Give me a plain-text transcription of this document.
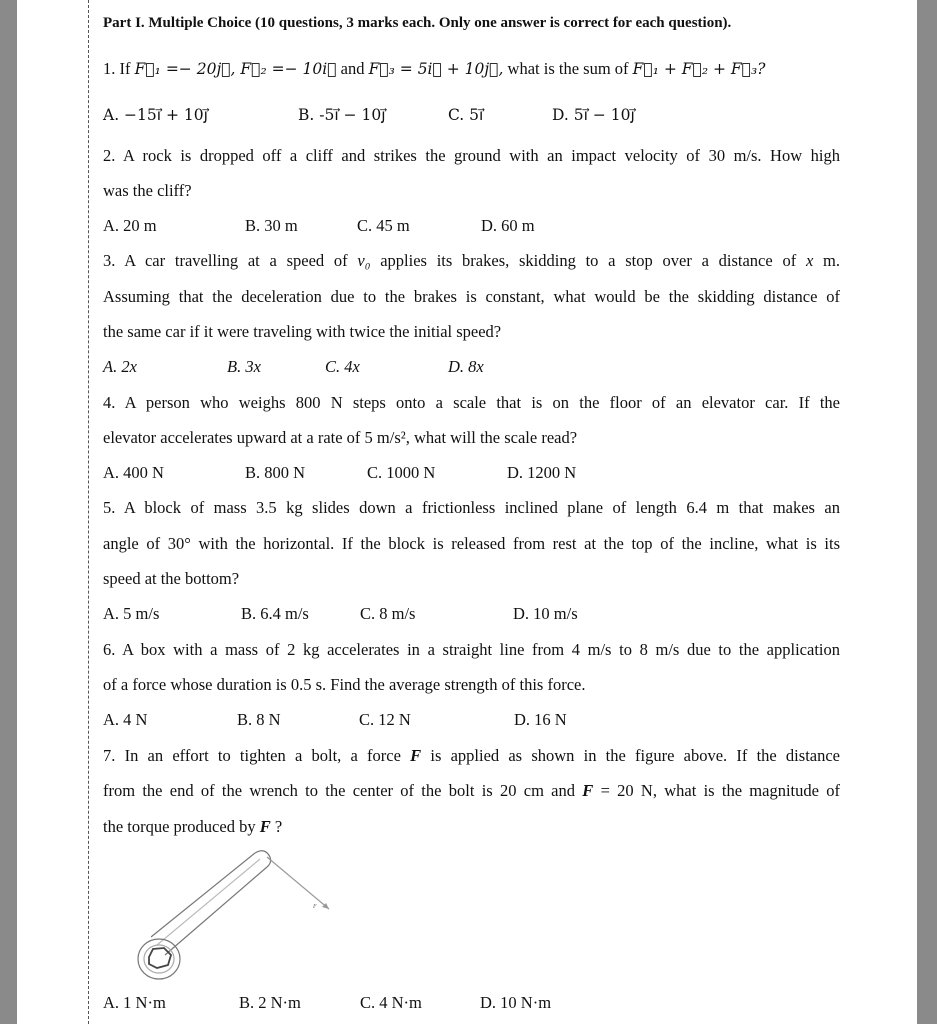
Part I. Multiple Choice (10 questions, 3 marks each. Only one answer is correct for each question).
1. If F⃗₁ =− 20j⃗, F⃗₂ =− 10i⃗ and F⃗₃ = 5i⃗ + 10j⃗, what is the sum of F⃗₁ + F⃗₂ + F⃗₃?
A. −15i⃗ + 10j⃗	B. -5i⃗ − 10j⃗	C. 5i⃗	D. 5i⃗ − 10j⃗
2. A rock is dropped off a cliff and strikes the ground with an impact velocity of 30 m/s. How high
was the cliff?
A. 20 m	B. 30 m	C. 45 m	D. 60 m
3. A car travelling at a speed of v₀ applies its brakes, skidding to a stop over a distance of x m.
Assuming that the deceleration due to the brakes is constant, what would be the skidding distance of
the same car if it were traveling with twice the initial speed?
A. 2x	B. 3x	C. 4x	D. 8x
4. A person who weighs 800 N steps onto a scale that is on the floor of an elevator car. If the
elevator accelerates upward at a rate of 5 m/s², what will the scale read?
A. 400 N	B. 800 N	C. 1000 N	D. 1200 N
5. A block of mass 3.5 kg slides down a frictionless inclined plane of length 6.4 m that makes an
angle of 30° with the horizontal. If the block is released from rest at the top of the incline, what is its
speed at the bottom?
A. 5 m/s	B. 6.4 m/s	C. 8 m/s	D. 10 m/s
6. A box with a mass of 2 kg accelerates in a straight line from 4 m/s to 8 m/s due to the application
of a force whose duration is 0.5 s. Find the average strength of this force.
A. 4 N	B. 8 N	C. 12 N	D. 16 N
7. In an effort to tighten a bolt, a force F is applied as shown in the figure above. If the distance
from the end of the wrench to the center of the bolt is 20 cm and F = 20 N, what is the magnitude of
the torque produced by F ?
F
A. 1 N·m	B. 2 N·m	C. 4 N·m	D. 10 N·m
